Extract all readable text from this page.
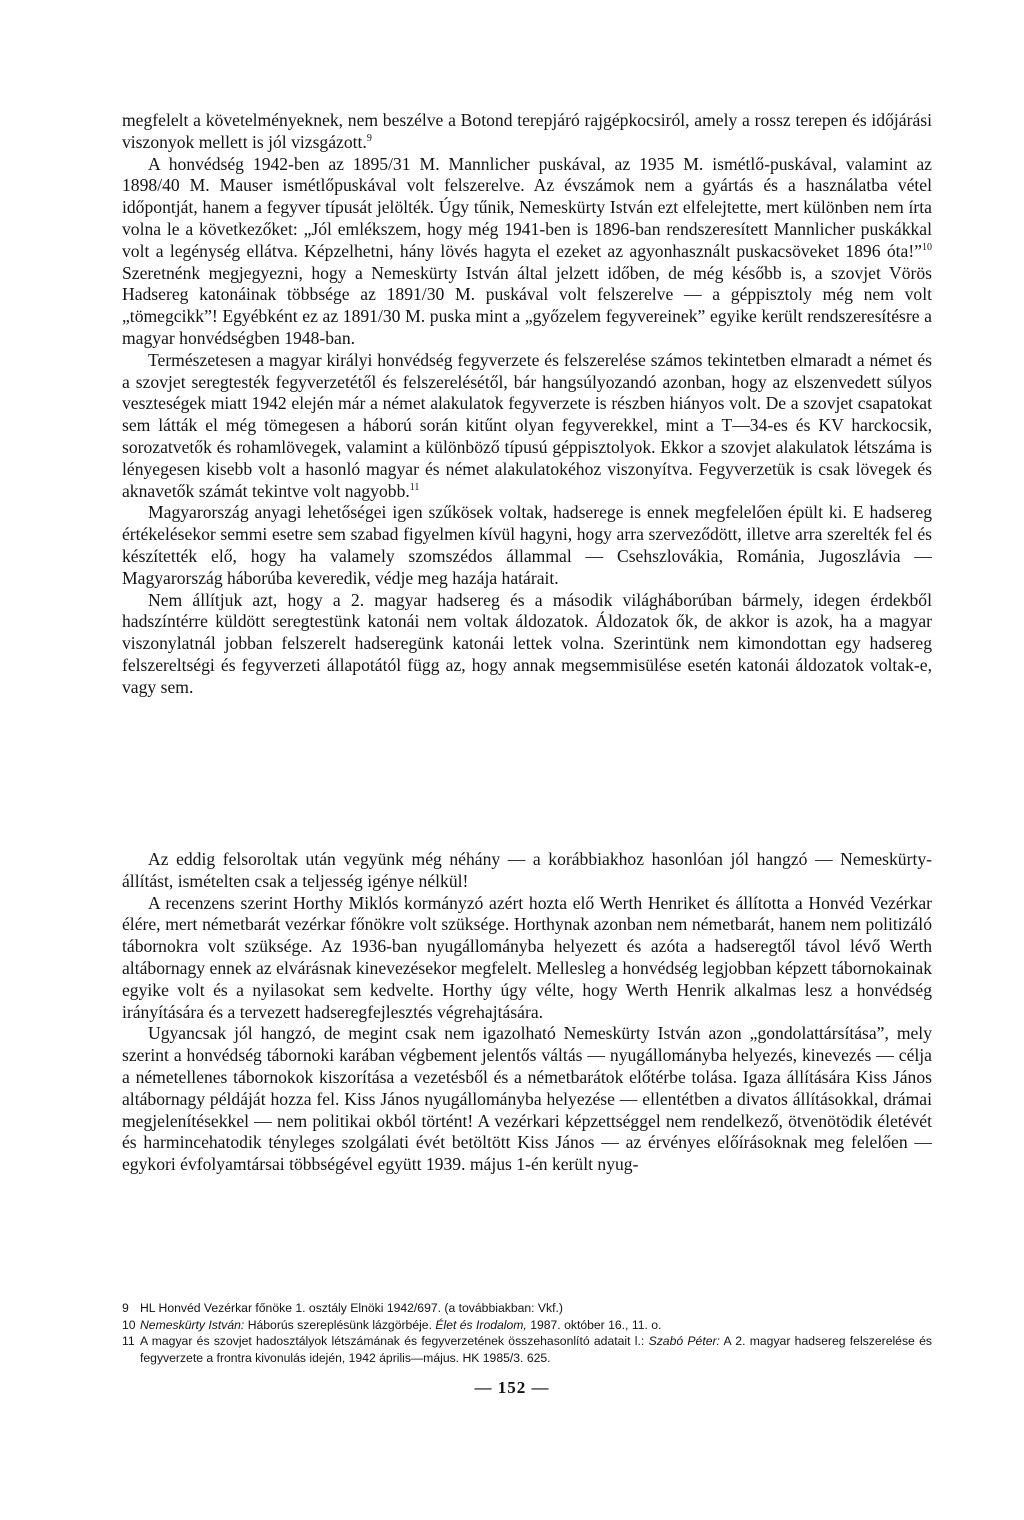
megfelelt a követelményeknek, nem beszélve a Botond terepjáró rajgépkocsiról, amely a rossz terepen és időjárási viszonyok mellett is jól vizsgázott.$^9$

A honvédség 1942-ben az 1895/31 M. Mannlicher puskával, az 1935 M. ismétlő-puskával, valamint az 1898/40 M. Mauser ismétlőpuskával volt felszerelve. Az évszámok nem a gyártás és a használatba vétel időpontját, hanem a fegyver típusát jelölték. Úgy tűnik, Nemeskürty István ezt elfelejtette, mert különben nem írta volna le a következőket: „Jól emlékszem, hogy még 1941-ben is 1896-ban rendszeresített Mannlicher puskákkal volt a legénység ellátva. Képzelhetni, hány lövés hagyta el ezeket az agyonhasznált puskacsöveket 1896 óta!”$^{10}$ Szeretnénk megjegyezni, hogy a Nemeskürty István által jelzett időben, de még később is, a szovjet Vörös Hadsereg katonáinak többsége az 1891/30 M. puskával volt felszerelve — a géppisztoly még nem volt „tömegcikk”! Egyébként ez az 1891/30 M. puska mint a „győzelem fegyvereinek” egyike került rendszeresítésre a magyar honvédségben 1948-ban.

Természetesen a magyar királyi honvédség fegyverzete és felszerelése számos tekintetben elmaradt a német és a szovjet seregtesték fegyverzetétől és felszerelésétől, bár hangsúlyozandó azonban, hogy az elszenvedett súlyos veszteségek miatt 1942 elején már a német alakulatok fegyverzete is részben hiányos volt. De a szovjet csapatokat sem látták el még tömegesen a háború során kitűnt olyan fegyverekkel, mint a T—34-es és KV harckocsik, sorozatvetők és rohamlövegek, valamint a különböző típusú géppisztolyok. Ekkor a szovjet alakulatok létszáma is lényegesen kisebb volt a hasonló magyar és német alakulatokéhoz viszonyítva. Fegyverzetük is csak lövegek és aknavetők számát tekintve volt nagyobb.$^{11}$

Magyarország anyagi lehetőségei igen szűkösek voltak, hadserege is ennek megfelelően épült ki. E hadsereg értékelésekor semmi esetre sem szabad figyelmen kívül hagyni, hogy arra szerveződött, illetve arra szerelték fel és készítették elő, hogy ha valamely szomszédos állammal — Csehszlovákia, Románia, Jugoszlávia — Magyarország háborúba keveredik, védje meg hazája határait.

Nem állítjuk azt, hogy a 2. magyar hadsereg és a második világháborúban bármely, idegen érdekből hadszíntérre küldött seregtestünk katonái nem voltak áldozatok. Áldozatok ők, de akkor is azok, ha a magyar viszonylatnál jobban felszerelt hadseregünk katonái lettek volna. Szerintünk nem kimondottan egy hadsereg felszereltségi és fegyverzeti állapotától függ az, hogy annak megsemmisülése esetén katonái áldozatok voltak-e, vagy sem.

Az eddig felsoroltak után vegyünk még néhány — a korábbiakhoz hasonlóan jól hangzó — Nemeskürty-állítást, ismételten csak a teljesség igénye nélkül!

A recenzens szerint Horthy Miklós kormányzó azért hozta elő Werth Henriket és állította a Honvéd Vezérkar élére, mert németbarát vezérkar főnökre volt szüksége. Horthynak azonban nem németbarát, hanem nem politizáló tábornokra volt szüksége. Az 1936-ban nyugállományba helyezett és azóta a hadseregtől távol lévő Werth altábornagy ennek az elvárásnak kinevezésekor megfelelt. Mellesleg a honvédség legjobban képzett tábornokainak egyike volt és a nyilasokat sem kedvelte. Horthy úgy vélte, hogy Werth Henrik alkalmas lesz a honvédség irányítására és a tervezett hadseregfejlesztés végrehajtására.

Ugyancsak jól hangzó, de megint csak nem igazolható Nemeskürty István azon „gondolattársítása”, mely szerint a honvédség tábornoki karában végbement jelentős váltás — nyugállományba helyezés, kinevezés — célja a németellenes tábornokok kiszorítása a vezetésből és a németbarátok előtérbe tolása. Igaza állítására Kiss János altábornagy példáját hozza fel. Kiss János nyugállományba helyezése — ellentétben a divatos állításokkal, drámai megjelenítésekkel — nem politikai okból történt! A vezérkari képzettséggel nem rendelkező, ötvenötödik életévét és harmincehatodik tényleges szolgálati évét betöltött Kiss János — az érvényes előírásoknak meg felelően — egykori évfolyamtársai többségével együtt 1939. május 1-én került nyug-

9 HL Honvéd Vezérkar főnöke 1. osztály Elnöki 1942/697. (a továbbiakban: Vkf.)

10 Nemeskürty István: Háborús szereplésünk lázgörbéje. Élet és Irodalom, 1987. október 16., 11. o.

11 A magyar és szovjet hadosztályok létszámának és fegyverzetének összehasonlító adatait l.: Szabó Péter: A 2. magyar hadsereg felszerelése és fegyverzete a frontra kivonulás idején, 1942 április—május. HK 1985/3. 625.

— 152 —
